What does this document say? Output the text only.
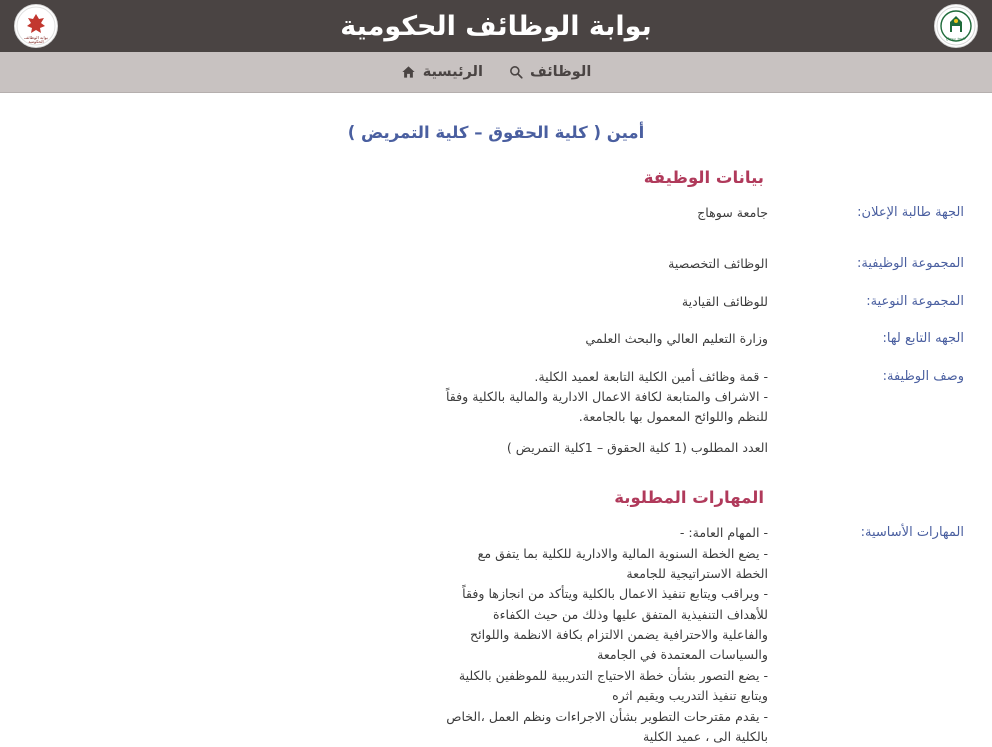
بوابة الوظائف
الحكومية	بوابة الوظائف الحكومية	جامعة سوهاج
الوظائف
الرئيسية
أمين ( كلية الحقوق – كلية التمريض )
بيانات الوظيفة
الجهة طالبة الإعلان:
جامعة سوهاج
المجموعة الوظيفية:
الوظائف التخصصية
المجموعة النوعية:
للوظائف القيادية
الجهه التابع لها:
وزارة التعليم العالي والبحث العلمي
وصف الوظيفة:
- قمة وظائف أمين الكلية التابعة لعميد الكلية.
- الاشراف والمتابعة لكافة الاعمال الادارية والمالية بالكلية وفقاً للنظم واللوائح المعمول بها بالجامعة.
العدد المطلوب (1 كلية الحقوق – 1كلية التمريض )
المهارات المطلوبة
المهارات الأساسية:
- المهام العامة: -
- يضع الخطة السنوية المالية والادارية للكلية بما يتفق مع الخطة الاستراتيجية للجامعة
- ويراقب ويتابع تنفيذ الاعمال بالكلية ويتأكد من انجازها وفقاً للأهداف التنفيذية المتفق عليها وذلك من حيث الكفاءة والفاعلية والاحترافية يضمن الالتزام بكافة الانظمة واللوائح والسياسات المعتمدة في الجامعة
- يضع التصور بشأن خطة الاحتياج التدريبية للموظفين بالكلية ويتابع تنفيذ التدريب ويقيم اثره
- يقدم مقترحات التطوير بشأن الاجراءات ونظم العمل ،الخاص بالكلية الى ، عميد الكلية
